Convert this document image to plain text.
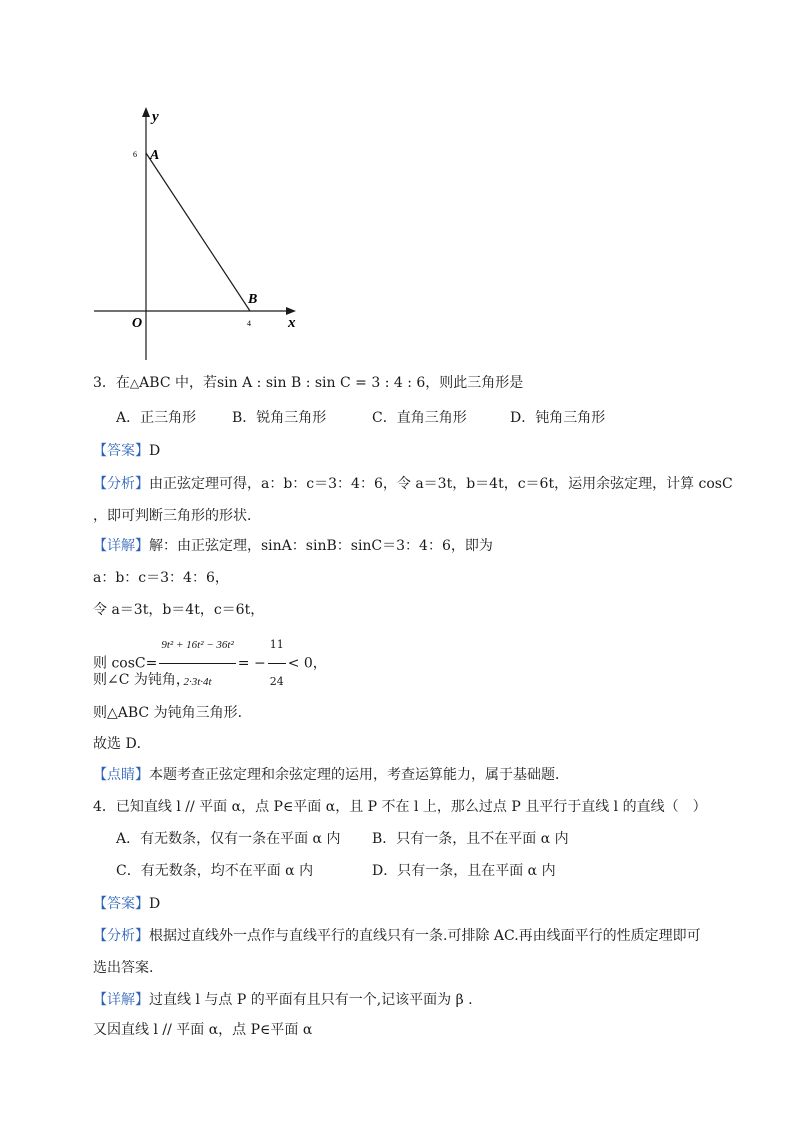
y
x
O
A
B
6
4
3．在△ABC 中，若sin A : sin B : sin C = 3 : 4 : 6，则此三角形是
A．正三角形	B．锐角三角形	C．直角三角形	D．钝角三角形
【答案】D
【分析】由正弦定理可得，a：b：c＝3：4：6，令 a＝3t，b＝4t，c＝6t，运用余弦定理，计算 cosC
，即可判断三角形的形状．
【详解】解：由正弦定理，sinA：sinB：sinC＝3：4：6，即为
a：b：c＝3：4：6，
令 a＝3t，b＝4t，c＝6t，
则 $\cos C= \frac{\text{9t² + 16t² − 36t²}}{2\cdot 3t\cdot 4t}$ = − $\frac{11}{24} < 0$，
则∠C 为钝角，
则△ABC 为钝角三角形．
故选 D．
【点睛】本题考查正弦定理和余弦定理的运用，考查运算能力，属于基础题．
4．已知直线 l // 平面 α，点 P∈平面 α，且 P 不在 l 上，那么过点 P 且平行于直线 l 的直线（　）
A．有无数条，仅有一条在平面 α 内 B．只有一条，且不在平面 α 内
C．有无数条，均不在平面 α 内	D．只有一条，且在平面 α 内
【答案】D
【分析】根据过直线外一点作与直线平行的直线只有一条.可排除 AC.再由线面平行的性质定理即可
选出答案.
【详解】过直线 l 与点 P 的平面有且只有一个,记该平面为 β .
又因直线 l // 平面 α，点 P∈平面 α
